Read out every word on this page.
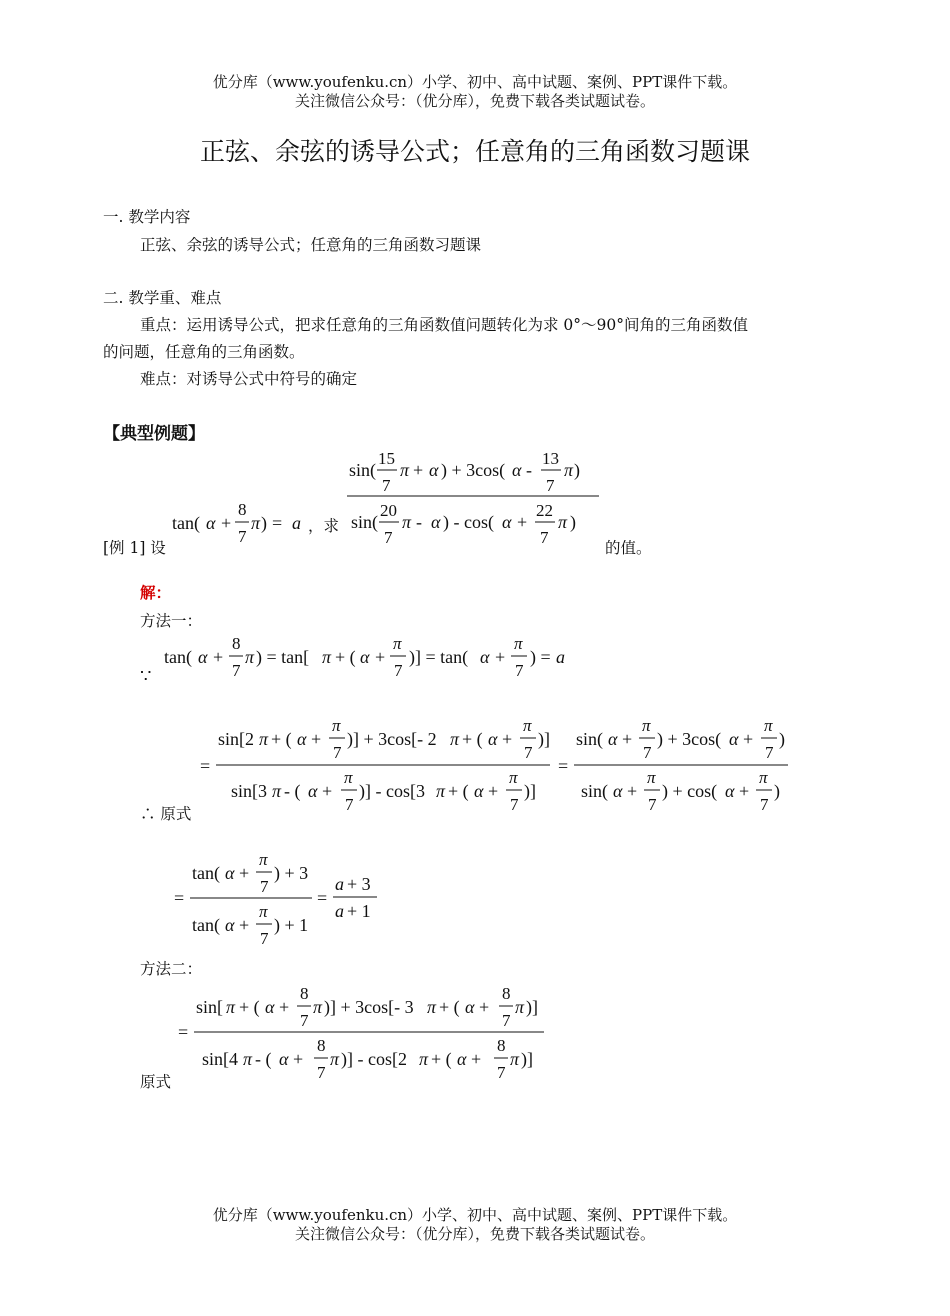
优分库（www.youfenku.cn）小学、初中、高中试题、案例、PPT课件下载。
关注微信公众号：（优分库），免费下载各类试题试卷。
正弦、余弦的诱导公式；任意角的三角函数习题课
一. 教学内容
正弦、余弦的诱导公式；任意角的三角函数习题课
二. 教学重、难点
重点：运用诱导公式，把求任意角的三角函数值问题转化为求 0°～90°间角的三角函数值
的问题，任意角的三角函数。
难点：对诱导公式中符号的确定
【典型例题】
[例 1] 设
tan( α +
8
7
π ) = a ，求
sin(
15
7
π + α ) + 3cos( α -
13
7
π )
sin(
20
7
π - α ) - cos( α +
22
7
π )
的值。
解：
方法一：
∵
tan( α +
8
7
π ) = tan[ π + ( α +
π
7
)] = tan( α +
π
7
) = a
∴ 原式
=
sin[2 π + ( α +
π
7
)] + 3cos[- 2 π + ( α +
π
7
)]
sin[3 π - ( α +
π
7
)] - cos[3 π + ( α +
π
7
)]
=
sin( α +
π
7
) + 3cos( α +
π
7
)
sin( α +
π
7
) + cos( α +
π
7
)
=
tan( α +
π
7
) + 3
tan( α +
π
7
) + 1
=
a + 3
a + 1
方法二：
=
sin[ π + ( α +
8
7
π )] + 3cos[- 3 π + ( α +
8
7
π )]
sin[4 π - ( α +
8
7
π )] - cos[2 π + ( α +
8
7
π )]
原式
优分库（www.youfenku.cn）小学、初中、高中试题、案例、PPT课件下载。
关注微信公众号：（优分库），免费下载各类试题试卷。
